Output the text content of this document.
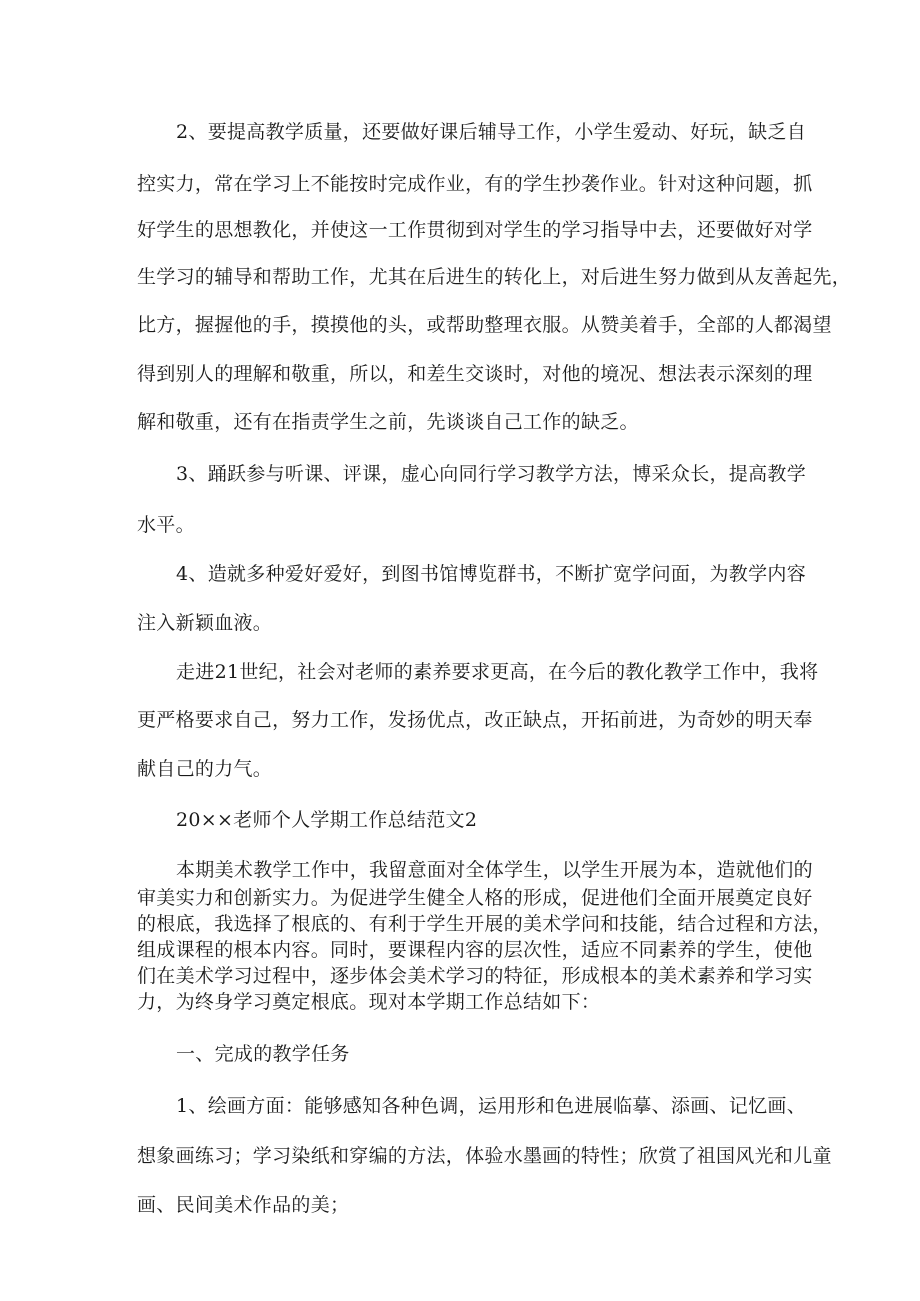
2、要提高教学质量，还要做好课后辅导工作，小学生爱动、好玩，缺乏自
控实力，常在学习上不能按时完成作业，有的学生抄袭作业。针对这种问题，抓
好学生的思想教化，并使这一工作贯彻到对学生的学习指导中去，还要做好对学
生学习的辅导和帮助工作，尤其在后进生的转化上，对后进生努力做到从友善起先，
比方，握握他的手，摸摸他的头，或帮助整理衣服。从赞美着手，全部的人都渴望
得到别人的理解和敬重，所以，和差生交谈时，对他的境况、想法表示深刻的理
解和敬重，还有在指责学生之前，先谈谈自己工作的缺乏。
3、踊跃参与听课、评课，虚心向同行学习教学方法，博采众长，提高教学
水平。
4、造就多种爱好爱好，到图书馆博览群书，不断扩宽学问面，为教学内容
注入新颖血液。
走进21世纪，社会对老师的素养要求更高，在今后的教化教学工作中，我将
更严格要求自己，努力工作，发扬优点，改正缺点，开拓前进，为奇妙的明天奉
献自己的力气。
20××老师个人学期工作总结范文2
本期美术教学工作中，我留意面对全体学生，以学生开展为本，造就他们的
审美实力和创新实力。为促进学生健全人格的形成，促进他们全面开展奠定良好
的根底，我选择了根底的、有利于学生开展的美术学问和技能，结合过程和方法，
组成课程的根本内容。同时，要课程内容的层次性，适应不同素养的学生，使他
们在美术学习过程中，逐步体会美术学习的特征，形成根本的美术素养和学习实
力，为终身学习奠定根底。现对本学期工作总结如下：
一、完成的教学任务
1、绘画方面：能够感知各种色调，运用形和色进展临摹、添画、记忆画、
想象画练习；学习染纸和穿编的方法，体验水墨画的特性；欣赏了祖国风光和儿童
画、民间美术作品的美；
